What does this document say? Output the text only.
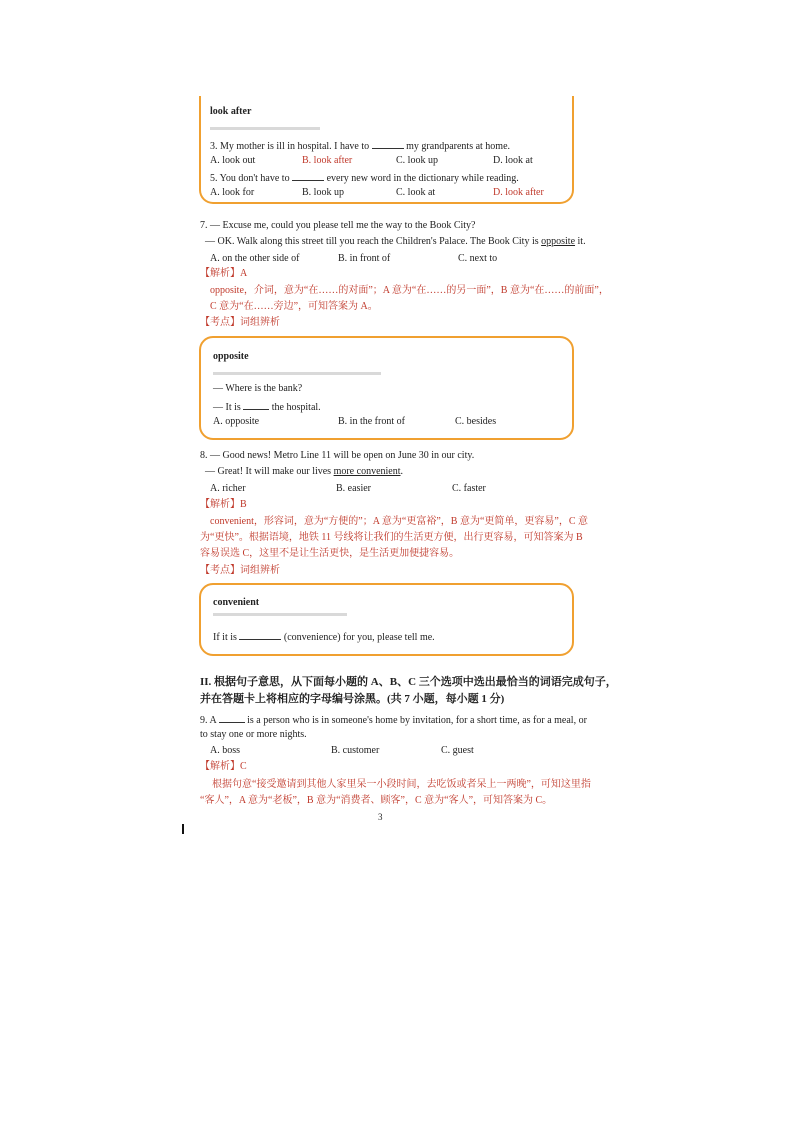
look after
3. My mother is ill in hospital. I have to	my grandparents at home.
A. look out	B. look after	C. look up	D. look at
5. You don't have to	every new word in the dictionary while reading.
A. look for	B. look up	C. look at	D. look after
7. — Excuse me, could you please tell me the way to the Book City?
— OK. Walk along this street till you reach the Children's Palace. The Book City is opposite it.
A. on the other side of	B. in front of	C. next to
【解析】A
opposite，介词，意为“在……的对面”；A 意为“在……的另一面”，B 意为“在……的前面”，
C 意为“在……旁边”，可知答案为 A。
【考点】词组辨析
opposite
— Where is the bank?
— It is	the hospital.
A. opposite	B. in the front of	C. besides
8. — Good news! Metro Line 11 will be open on June 30 in our city.
— Great! It will make our lives more convenient.
A. richer	B. easier	C. faster
【解析】B
convenient，形容词，意为“方便的”；A 意为“更富裕”，B 意为“更简单，更容易”，C 意
为“更快”。根据语境，地铁 11 号线将让我们的生活更方便，出行更容易，可知答案为 B
容易误选 C，这里不是让生活更快，是生活更加便捷容易。
【考点】词组辨析
convenient
If it is	(convenience) for you, please tell me.
II. 根据句子意思，从下面每小题的 A、B、C 三个选项中选出最恰当的词语完成句子，
并在答题卡上将相应的字母编号涂黑。(共 7 小题，每小题 1 分)
9. A	is a person who is in someone's home by invitation, for a short time, as for a meal, or
to stay one or more nights.
A. boss	B. customer	C. guest
【解析】C
根据句意“接受邀请到其他人家里呆一小段时间，去吃饭或者呆上一两晚”，可知这里指
“客人”，A 意为“老板”，B 意为“消费者、顾客”，C 意为“客人”，可知答案为 C。
3
